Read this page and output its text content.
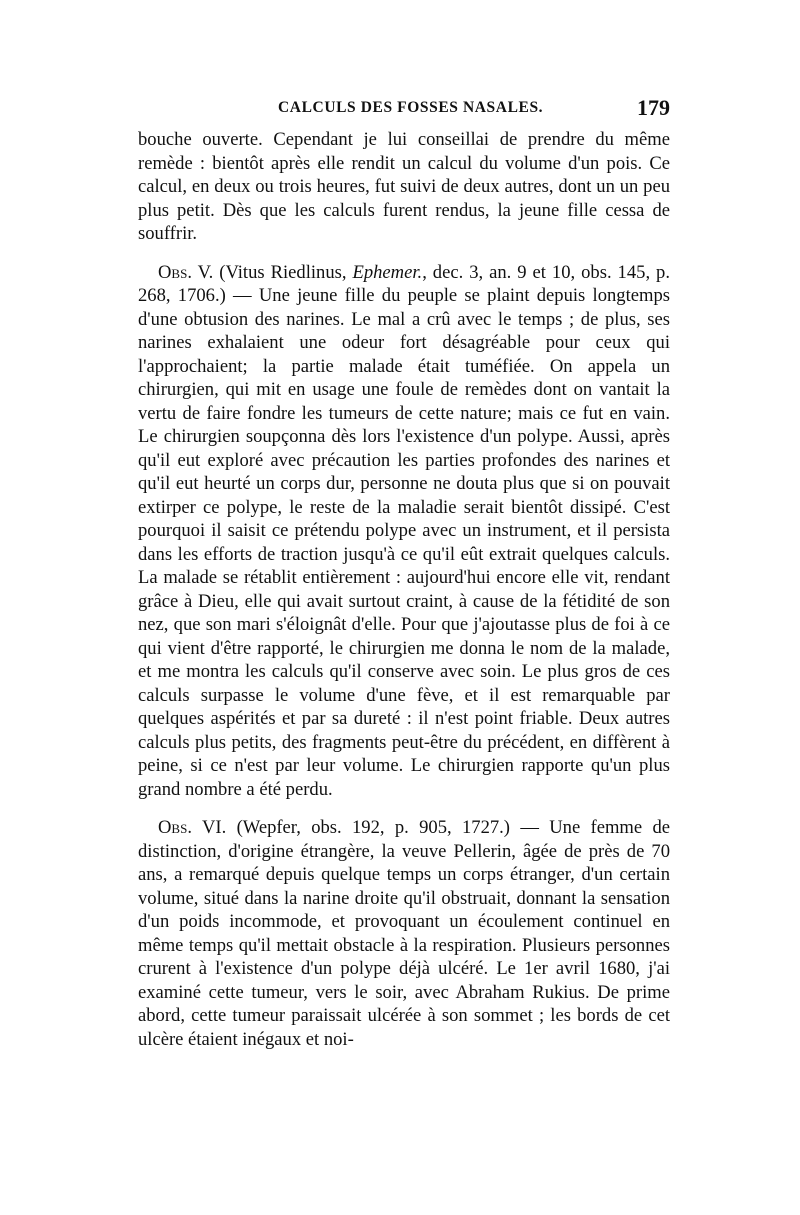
CALCULS DES FOSSES NASALES.	179

bouche ouverte. Cependant je lui conseillai de prendre du même remède : bientôt après elle rendit un calcul du volume d'un pois. Ce calcul, en deux ou trois heures, fut suivi de deux autres, dont un un peu plus petit. Dès que les calculs furent rendus, la jeune fille cessa de souffrir.

Obs. V. (Vitus Riedlinus, Ephemer., dec. 3, an. 9 et 10, obs. 145, p. 268, 1706.) — Une jeune fille du peuple se plaint depuis longtemps d'une obtusion des narines. Le mal a crû avec le temps ; de plus, ses narines exhalaient une odeur fort désagréable pour ceux qui l'approchaient; la partie malade était tuméfiée. On appela un chirurgien, qui mit en usage une foule de remèdes dont on vantait la vertu de faire fondre les tumeurs de cette nature; mais ce fut en vain. Le chirurgien soupçonna dès lors l'existence d'un polype. Aussi, après qu'il eut exploré avec précaution les parties profondes des narines et qu'il eut heurté un corps dur, personne ne douta plus que si on pouvait extirper ce polype, le reste de la maladie serait bientôt dissipé. C'est pourquoi il saisit ce prétendu polype avec un instrument, et il persista dans les efforts de traction jusqu'à ce qu'il eût extrait quelques calculs. La malade se rétablit entièrement : aujourd'hui encore elle vit, rendant grâce à Dieu, elle qui avait surtout craint, à cause de la fétidité de son nez, que son mari s'éloignât d'elle. Pour que j'ajoutasse plus de foi à ce qui vient d'être rapporté, le chirurgien me donna le nom de la malade, et me montra les calculs qu'il conserve avec soin. Le plus gros de ces calculs surpasse le volume d'une fève, et il est remarquable par quelques aspérités et par sa dureté : il n'est point friable. Deux autres calculs plus petits, des fragments peut-être du précédent, en diffèrent à peine, si ce n'est par leur volume. Le chirurgien rapporte qu'un plus grand nombre a été perdu.

Obs. VI. (Wepfer, obs. 192, p. 905, 1727.) — Une femme de distinction, d'origine étrangère, la veuve Pellerin, âgée de près de 70 ans, a remarqué depuis quelque temps un corps étranger, d'un certain volume, situé dans la narine droite qu'il obstruait, donnant la sensation d'un poids incommode, et provoquant un écoulement continuel en même temps qu'il mettait obstacle à la respiration. Plusieurs personnes crurent à l'existence d'un polype déjà ulcéré. Le 1er avril 1680, j'ai examiné cette tumeur, vers le soir, avec Abraham Rukius. De prime abord, cette tumeur paraissait ulcérée à son sommet ; les bords de cet ulcère étaient inégaux et noi-
